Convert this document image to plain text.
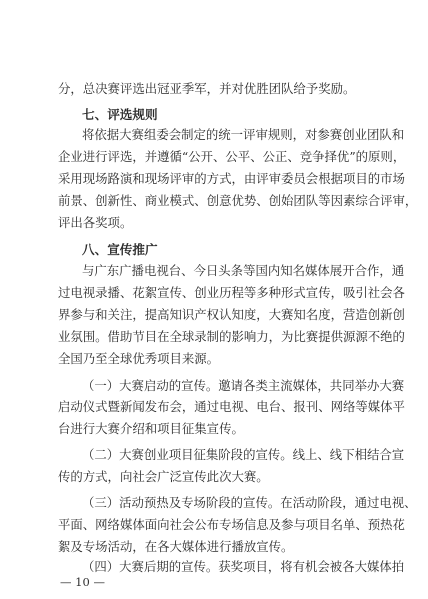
分，总决赛评选出冠亚季军，并对优胜团队给予奖励。
七、评选规则
将依据大赛组委会制定的统一评审规则，对参赛创业团队和
企业进行评选，并遵循“公开、公平、公正、竞争择优”的原则，
采用现场路演和现场评审的方式，由评审委员会根据项目的市场
前景、创新性、商业模式、创意优势、创始团队等因素综合评审，
评出各奖项。
八、宣传推广
与广东广播电视台、今日头条等国内知名媒体展开合作，通
过电视录播、花絮宣传、创业历程等多种形式宣传，吸引社会各
界参与和关注，提高知识产权认知度，大赛知名度，营造创新创
业氛围。借助节目在全球录制的影响力，为比赛提供源源不绝的
全国乃至全球优秀项目来源。
（一）大赛启动的宣传。邀请各类主流媒体，共同举办大赛
启动仪式暨新闻发布会，通过电视、电台、报刊、网络等媒体平
台进行大赛介绍和项目征集宣传。
（二）大赛创业项目征集阶段的宣传。线上、线下相结合宣
传的方式，向社会广泛宣传此次大赛。
（三）活动预热及专场阶段的宣传。在活动阶段，通过电视、
平面、网络媒体面向社会公布专场信息及参与项目名单、预热花
絮及专场活动，在各大媒体进行播放宣传。
（四）大赛后期的宣传。获奖项目，将有机会被各大媒体拍
— 10 —
